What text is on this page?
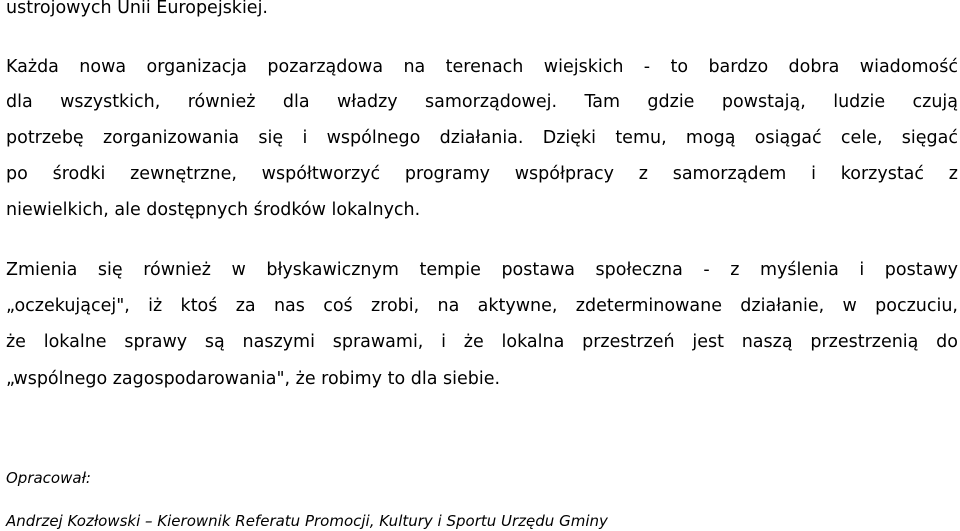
ustrojowych Unii Europejskiej.
Każda nowa organizacja pozarządowa na terenach wiejskich - to bardzo dobra wiadomość
dla wszystkich, również dla władzy samorządowej. Tam gdzie powstają, ludzie czują
potrzebę zorganizowania się i wspólnego działania. Dzięki temu, mogą osiągać cele, sięgać
po środki zewnętrzne, współtworzyć programy współpracy z samorządem i korzystać z
niewielkich, ale dostępnych środków lokalnych.
Zmienia się również w błyskawicznym tempie postawa społeczna - z myślenia i postawy
„oczekującej", iż ktoś za nas coś zrobi, na aktywne, zdeterminowane działanie, w poczuciu,
że lokalne sprawy są naszymi sprawami, i że lokalna przestrzeń jest naszą przestrzenią do
„wspólnego zagospodarowania", że robimy to dla siebie.
Opracował:
Andrzej Kozłowski – Kierownik Referatu Promocji, Kultury i Sportu Urzędu Gminy
